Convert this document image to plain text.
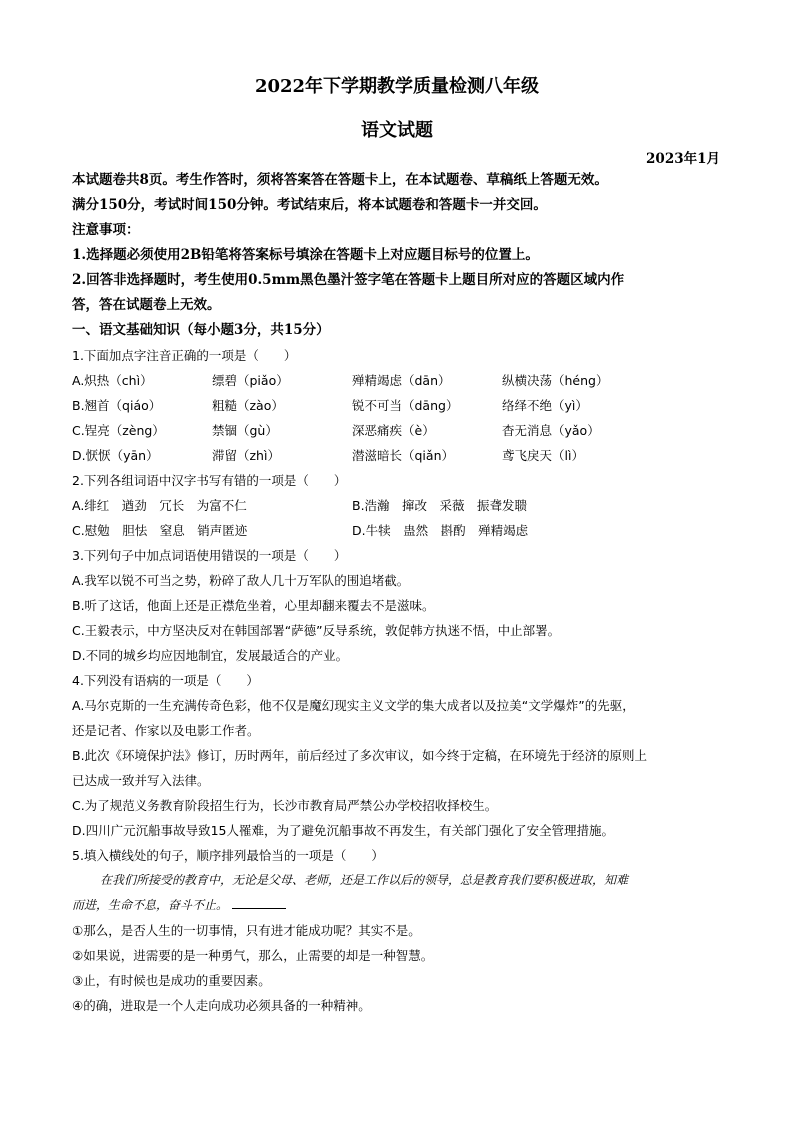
2022年下学期教学质量检测八年级
语文试题
2023年1月
本试题卷共8页。考生作答时，须将答案答在答题卡上，在本试题卷、草稿纸上答题无效。
满分150分，考试时间150分钟。考试结束后，将本试题卷和答题卡一并交回。
注意事项：
1.选择题必须使用2B铅笔将答案标号填涂在答题卡上对应题目标号的位置上。
2.回答非选择题时，考生使用0.5mm黑色墨汁签字笔在答题卡上题目所对应的答题区域内作
答，答在试题卷上无效。
一、语文基础知识（每小题3分，共15分）
1.下面加点字注音正确的一项是（　　）
A.炽热（chì）	缥碧（piǎo）	殚精竭虑（dān）	纵横决荡（héng）
B.翘首（qiáo）	粗糙（zào）	锐不可当（dāng）	络绎不绝（yì）
C.锃亮（zèng）	禁锢（gù）	深恶痛疾（è）	杳无消息（yǎo）
D.恹恹（yān）	滞留（zhì）	潜滋暗长（qiǎn）	鸢飞戾天（lì）
2.下列各组词语中汉字书写有错的一项是（　　）
A.绯红　遒劲　冗长　为富不仁	B.浩瀚　撺改　采薇　振聋发聩
C.慰勉　胆怯　窒息　销声匿迹	D.牛犊　蛊然　斟酌　殚精竭虑
3.下列句子中加点词语使用错误的一项是（　　）
A.我军以锐不可当之势，粉碎了敌人几十万军队的围追堵截。
B.听了这话，他面上还是正襟危坐着，心里却翻来覆去不是滋味。
C.王毅表示，中方坚决反对在韩国部署“萨德”反导系统，敦促韩方执迷不悟，中止部署。
D.不同的城乡均应因地制宜，发展最适合的产业。
4.下列没有语病的一项是（　　）
A.马尔克斯的一生充满传奇色彩，他不仅是魔幻现实主义文学的集大成者以及拉美“文学爆炸”的先驱，
还是记者、作家以及电影工作者。
B.此次《环境保护法》修订，历时两年，前后经过了多次审议，如今终于定稿，在环境先于经济的原则上
已达成一致并写入法律。
C.为了规范义务教育阶段招生行为，长沙市教育局严禁公办学校招收择校生。
D.四川广元沉船事故导致15人罹难，为了避免沉船事故不再发生，有关部门强化了安全管理措施。
5.填入横线处的句子，顺序排列最恰当的一项是（　　）
在我们所接受的教育中，无论是父母、老师，还是工作以后的领导，总是教育我们要积极进取，知难
而进，生命不息，奋斗不止。
①那么，是否人生的一切事情，只有进才能成功呢？其实不是。
②如果说，进需要的是一种勇气，那么，止需要的却是一种智慧。
③止，有时候也是成功的重要因素。
④的确，进取是一个人走向成功必须具备的一种精神。
